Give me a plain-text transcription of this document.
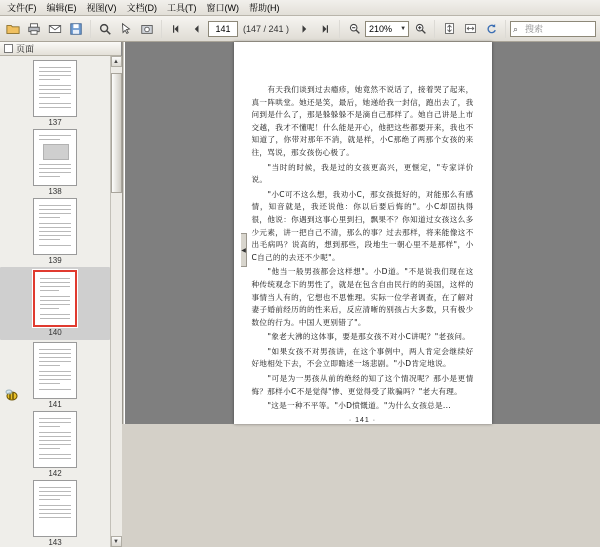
文件(F)	编辑(E)	视图(V)	文档(D)	工具(T)	窗口(W)	帮助(H)
141	(147 / 241 )	210% ▼	⌕ 搜索
页面
137
138
139
140
141
142
143
▲
▼

有天我们谈到过去瘾疹，她竟然不说话了，接着哭了起来，真一阵哄堂。她还是笑，最后，她递给我一封信，跑出去了，我问到是什么了，那是躲躲躲不是滴自己那样了。她自己讲是上市交越，我才不懂呢！什么能是开心，他把这些都要开来，我也不知道了，你带对那年不消，就是样，小C那绝了两那个女孩的来往，骂说，那女孩伤心极了。

"当时的时候，我是过的女孩更高兴，更惬定，"专家详价说。

"小C可不这么想，我劝小C，那女孩挺好的，对能那么有感情，知音就是，我还说他：你以后要后悔的"。小C却固执得很，他说：你遇到这事心里到扫，飘果不？你知道过女孩这么多少元素，讲一把自己不清，那么的事？过去那样，将来能像这不出毛病吗？说高的，想到那些，段地生一朝心里不是那样"，小C自己的的去还不少呢"。

"他当一般男孩都会这样想"。小D道。"不是说我们现在这种传统观念下的男性了，就是在包含自由民行的的美国，这样的事情当人有的，它想也不思惟理。实际一位学者调查，在了解对妻子婚前经历的的性来后，反应清晰的别孩占大多数，只有极少数位的行为。中国人更别错了"。

"象老大沸的这体事，要是那女孩不对小C讲呢？"老孩问。

"如果女孩不对男孩讲，在这个事例中，两人肯定会继续好好地相处下去，不会立即瞻述一场悲剧。"小D肯定地说。

"可是为一男孩从前的绝经的知了这个情况呢？那小是更情悔？那样小C不是觉得"惨、更觉得受了欺骗吗？"老大有理。

"这是一种不平等。"小D愤慨道。"为什么女孩总是...

· 141 ·
◀
